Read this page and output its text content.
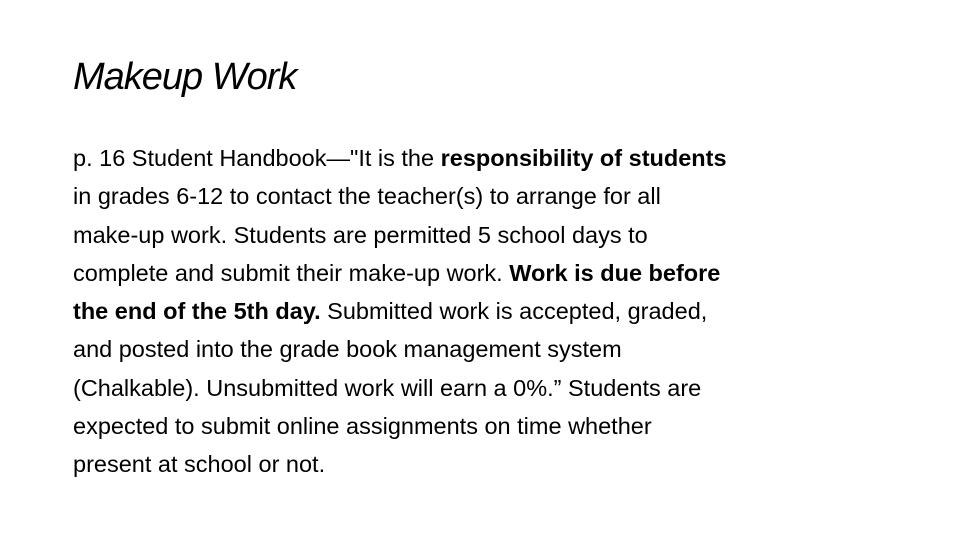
Makeup Work
p. 16 Student Handbook—"It is the responsibility of students
in grades 6-12 to contact the teacher(s) to arrange for all
make-up work. Students are permitted 5 school days to
complete and submit their make-up work. Work is due before
the end of the 5th day. Submitted work is accepted, graded,
and posted into the grade book management system
(Chalkable). Unsubmitted work will earn a 0%.” Students are
expected to submit online assignments on time whether
present at school or not.
